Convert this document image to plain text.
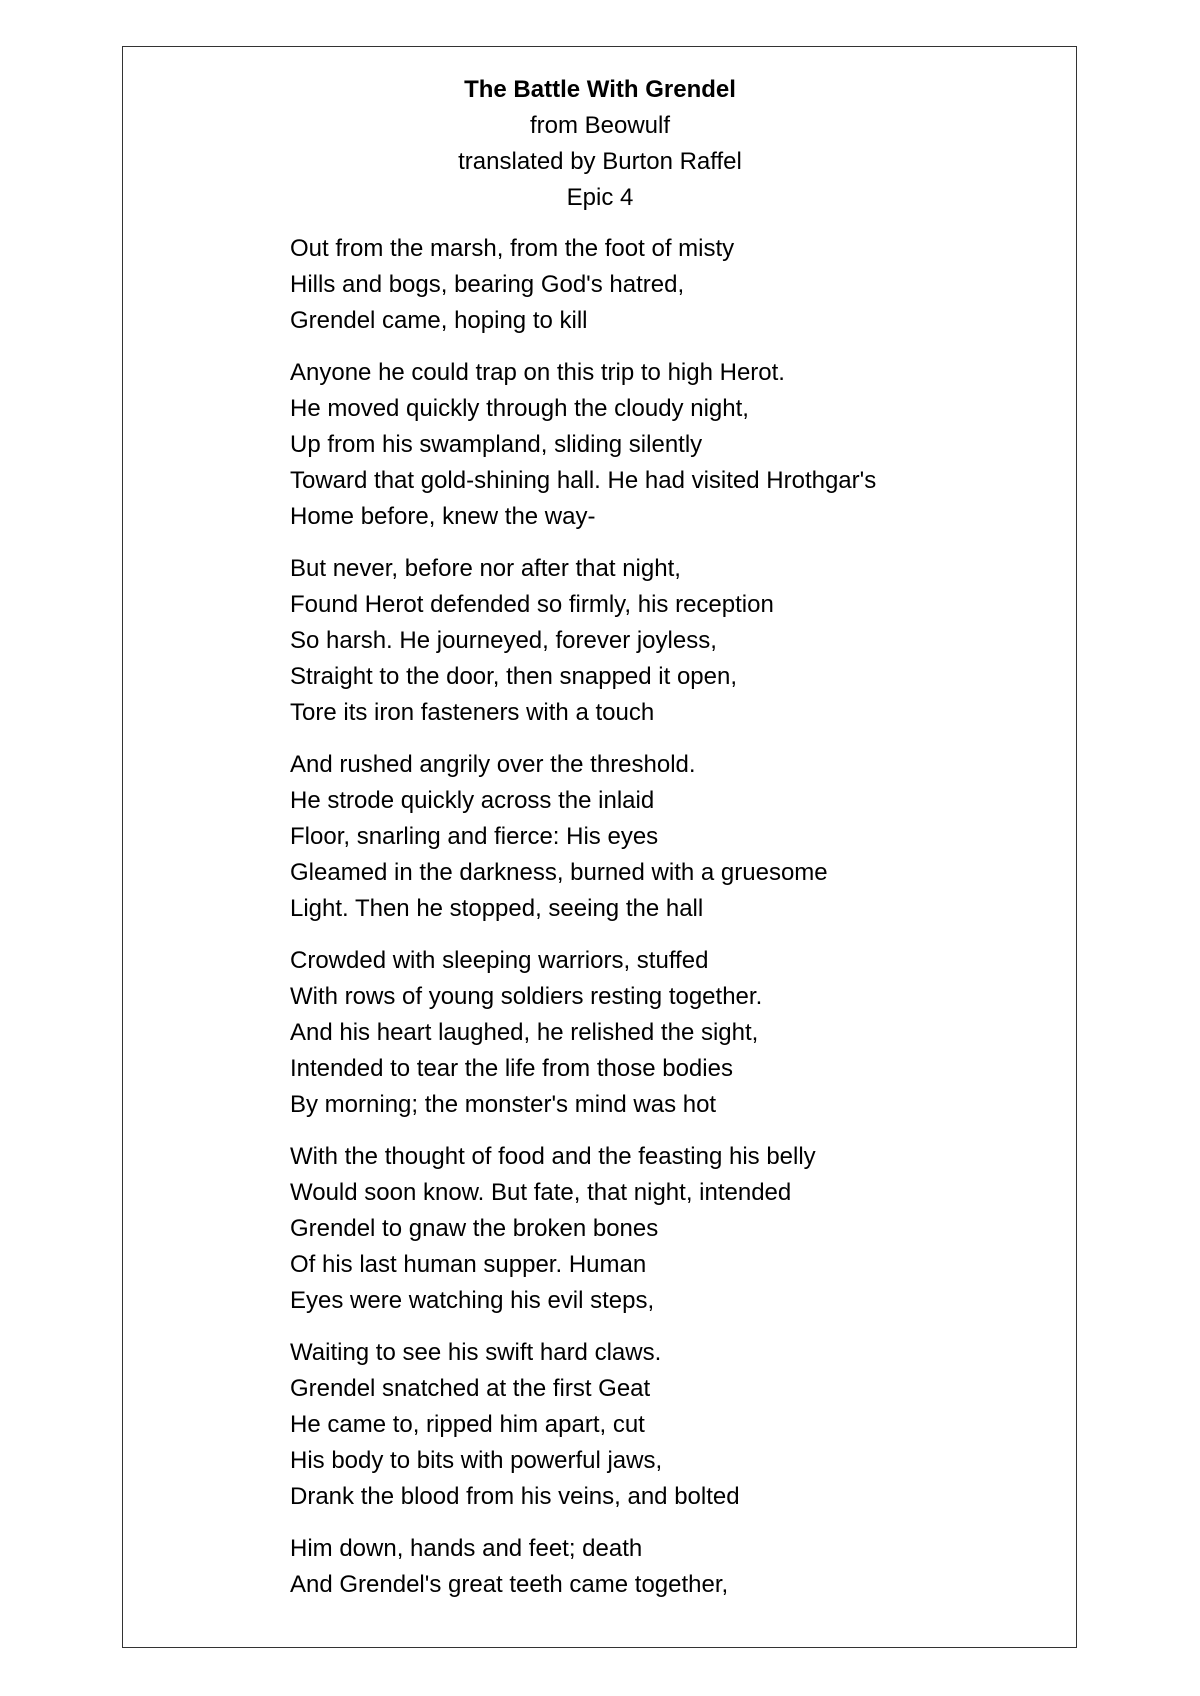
The Battle With Grendel
from Beowulf
translated by Burton Raffel
Epic 4
Out from the marsh, from the foot of misty
Hills and bogs, bearing God's hatred,
Grendel came, hoping to kill
Anyone he could trap on this trip to high Herot.
He moved quickly through the cloudy night,
Up from his swampland, sliding silently
Toward that gold-shining hall. He had visited Hrothgar's
Home before, knew the way-
But never, before nor after that night,
Found Herot defended so firmly, his reception
So harsh. He journeyed, forever joyless,
Straight to the door, then snapped it open,
Tore its iron fasteners with a touch
And rushed angrily over the threshold.
He strode quickly across the inlaid
Floor, snarling and fierce: His eyes
Gleamed in the darkness, burned with a gruesome
Light. Then he stopped, seeing the hall
Crowded with sleeping warriors, stuffed
With rows of young soldiers resting together.
And his heart laughed, he relished the sight,
Intended to tear the life from those bodies
By morning; the monster's mind was hot
With the thought of food and the feasting his belly
Would soon know. But fate, that night, intended
Grendel to gnaw the broken bones
Of his last human supper. Human
Eyes were watching his evil steps,
Waiting to see his swift hard claws.
Grendel snatched at the first Geat
He came to, ripped him apart, cut
His body to bits with powerful jaws,
Drank the blood from his veins, and bolted
Him down, hands and feet; death
And Grendel's great teeth came together,
